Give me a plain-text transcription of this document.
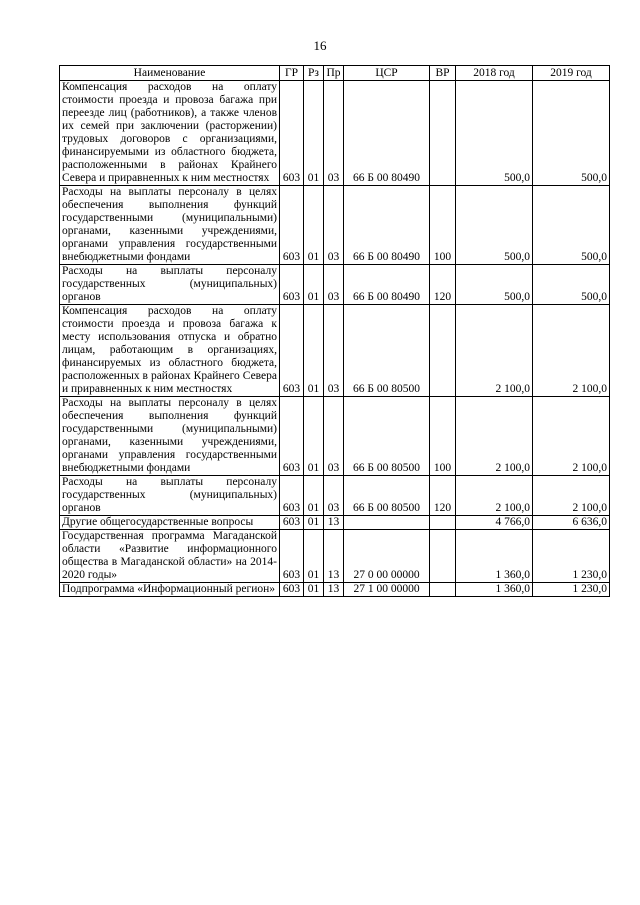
16
Наименование	ГР	Рз	Пр	ЦСР	ВР	2018 год	2019 год
Компенсация расходов на оплату стоимости проезда и провоза багажа при переезде лиц (работников), а также членов их семей при заключении (расторжении) трудовых договоров с организациями, финансируемыми из областного бюджета, расположенными в районах Крайнего Севера и приравненных к ним местностях	603	01	03	66 Б 00 80490		500,0	500,0
Расходы на выплаты персоналу в целях обеспечения выполнения функций государственными (муниципальными) органами, казенными учреждениями, органами управления государственными внебюджетными фондами	603	01	03	66 Б 00 80490	100	500,0	500,0
Расходы на выплаты персоналу государственных (муниципальных) органов	603	01	03	66 Б 00 80490	120	500,0	500,0
Компенсация расходов на оплату стоимости проезда и провоза багажа к месту использования отпуска и обратно лицам, работающим в организациях, финансируемых из областного бюджета, расположенных в районах Крайнего Севера и приравненных к ним местностях	603	01	03	66 Б 00 80500		2 100,0	2 100,0
Расходы на выплаты персоналу в целях обеспечения выполнения функций государственными (муниципальными) органами, казенными учреждениями, органами управления государственными внебюджетными фондами	603	01	03	66 Б 00 80500	100	2 100,0	2 100,0
Расходы на выплаты персоналу государственных (муниципальных) органов	603	01	03	66 Б 00 80500	120	2 100,0	2 100,0
Другие общегосударственные вопросы	603	01	13			4 766,0	6 636,0
Государственная программа Магаданской области «Развитие информационного общества в Магаданской области» на 2014-2020 годы»	603	01	13	27 0 00 00000		1 360,0	1 230,0
Подпрограмма «Информационный регион»	603	01	13	27 1 00 00000		1 360,0	1 230,0
